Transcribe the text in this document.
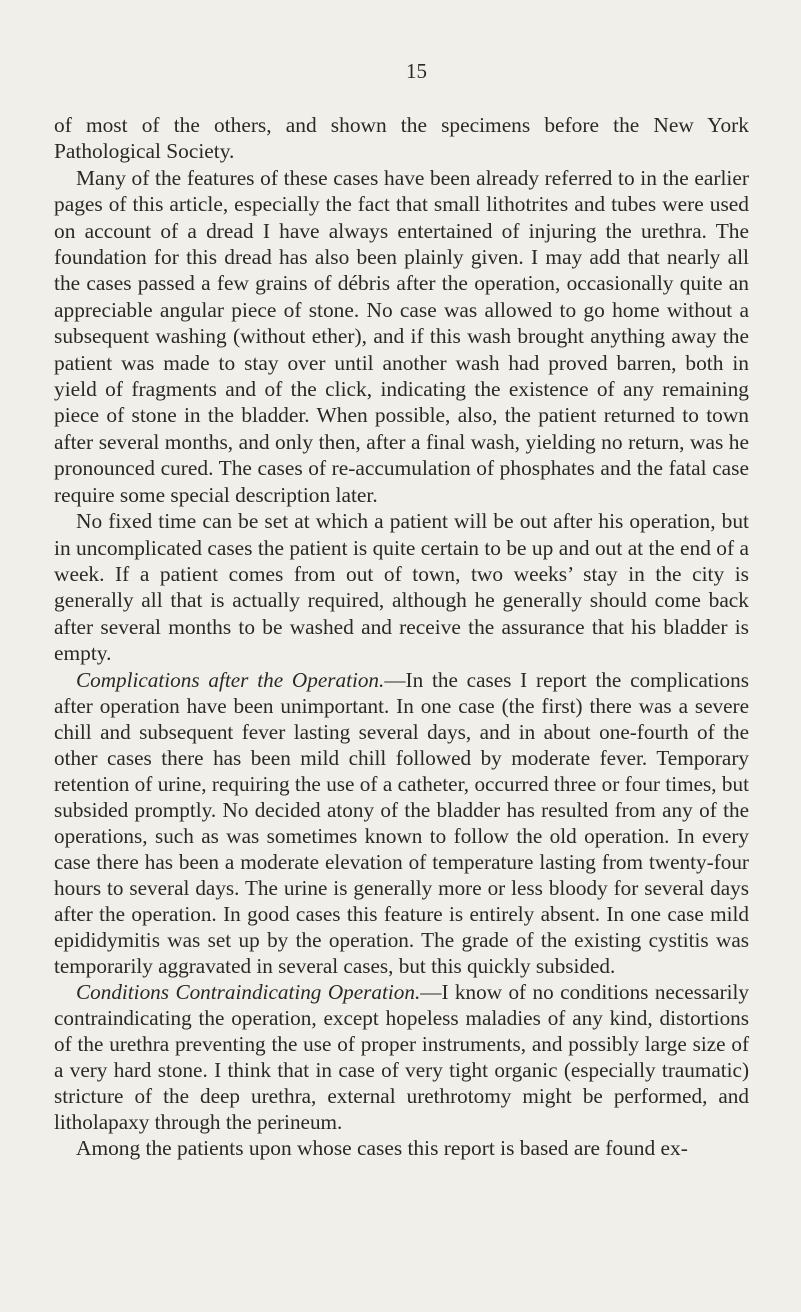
15

of most of the others, and shown the specimens before the New York Pathological Society.

Many of the features of these cases have been already referred to in the earlier pages of this article, especially the fact that small lithotrites and tubes were used on account of a dread I have always entertained of injuring the urethra. The foundation for this dread has also been plainly given. I may add that nearly all the cases passed a few grains of débris after the operation, occasionally quite an appreciable angular piece of stone. No case was allowed to go home without a subsequent washing (without ether), and if this wash brought anything away the patient was made to stay over until another wash had proved barren, both in yield of fragments and of the click, indicating the existence of any remaining piece of stone in the bladder. When possible, also, the patient returned to town after several months, and only then, after a final wash, yielding no return, was he pronounced cured. The cases of re-accumulation of phosphates and the fatal case require some special description later.

No fixed time can be set at which a patient will be out after his operation, but in uncomplicated cases the patient is quite certain to be up and out at the end of a week. If a patient comes from out of town, two weeks’ stay in the city is generally all that is actually required, although he generally should come back after several months to be washed and receive the assurance that his bladder is empty.

Complications after the Operation.—In the cases I report the complications after operation have been unimportant. In one case (the first) there was a severe chill and subsequent fever lasting several days, and in about one-fourth of the other cases there has been mild chill followed by moderate fever. Temporary retention of urine, requiring the use of a catheter, occurred three or four times, but subsided promptly. No decided atony of the bladder has resulted from any of the operations, such as was sometimes known to follow the old operation. In every case there has been a moderate elevation of temperature lasting from twenty-four hours to several days. The urine is generally more or less bloody for several days after the operation. In good cases this feature is entirely absent. In one case mild epididymitis was set up by the operation. The grade of the existing cystitis was temporarily aggravated in several cases, but this quickly subsided.

Conditions Contraindicating Operation.—I know of no conditions necessarily contraindicating the operation, except hopeless maladies of any kind, distortions of the urethra preventing the use of proper instruments, and possibly large size of a very hard stone. I think that in case of very tight organic (especially traumatic) stricture of the deep urethra, external urethrotomy might be performed, and litholapaxy through the perineum.

Among the patients upon whose cases this report is based are found ex-
